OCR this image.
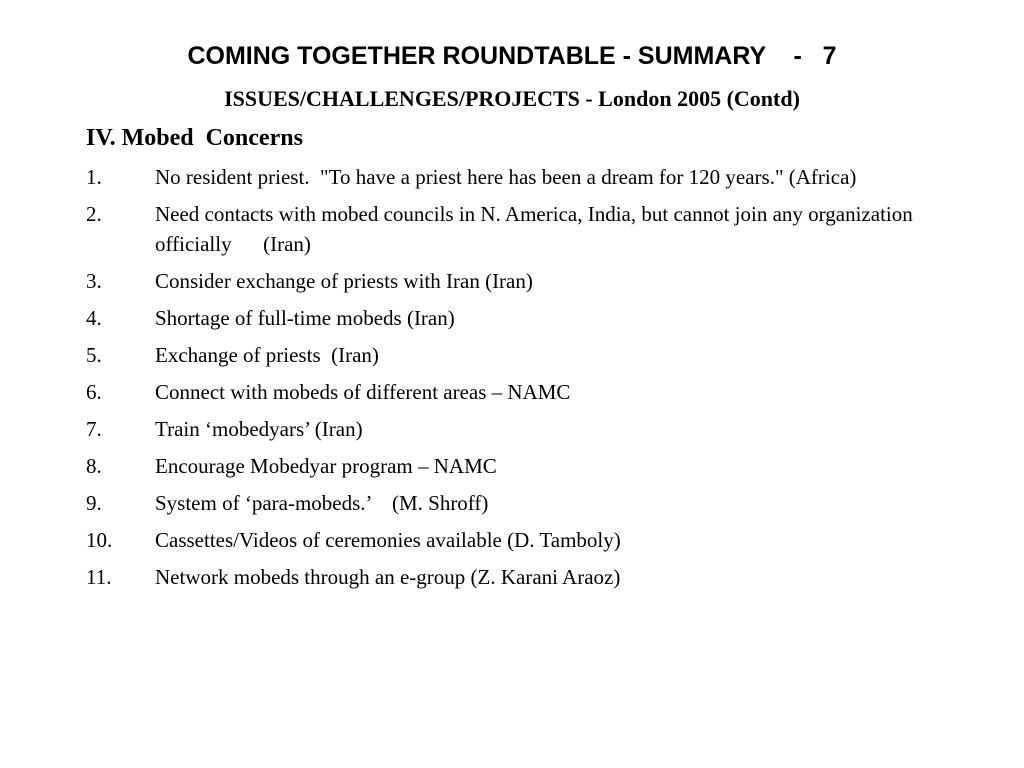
COMING TOGETHER ROUNDTABLE - SUMMARY    -   7
ISSUES/CHALLENGES/PROJECTS - London 2005 (Contd)
IV. Mobed  Concerns
1.	No resident priest.  "To have a priest here has been a dream for 120 years." (Africa)
2.	Need contacts with mobed councils in N. America, India, but cannot join any organization officially      (Iran)
3.	Consider exchange of priests with Iran (Iran)
4.	Shortage of full-time mobeds (Iran)
5.	Exchange of priests  (Iran)
6.	Connect with mobeds of different areas – NAMC
7.	Train ‘mobedyars’ (Iran)
8.	Encourage Mobedyar program – NAMC
9.	System of ‘para-mobeds.’    (M. Shroff)
10.	Cassettes/Videos of ceremonies available (D. Tamboly)
11.	Network mobeds through an e-group (Z. Karani Araoz)
